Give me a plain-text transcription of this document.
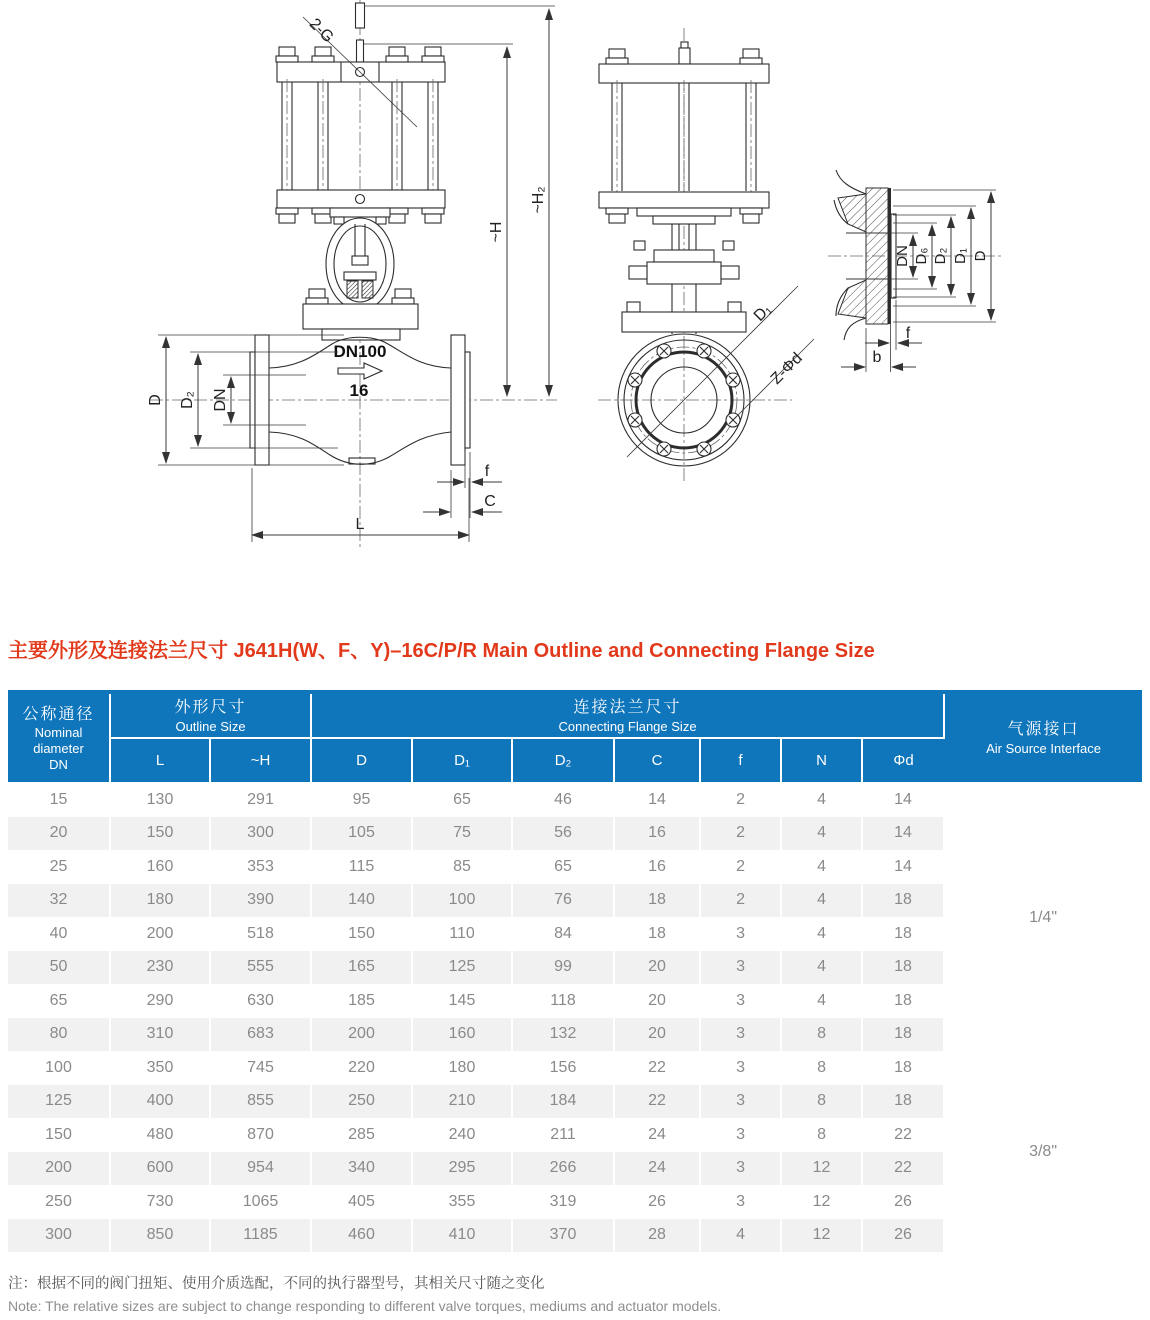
2-G
DN100
16
D D₂ DN
L
f
C
~H
~H₂
D₁
Z-Φd
DN D₆ D₂ D₁ D
f
b
主要外形及连接法兰尺寸 J641H(W、F、Y)–16C/P/R Main Outline and Connecting Flange Size
公称通径
Nominal
diameter
DN

外形尺寸
Outline Size

连接法兰尺寸
Connecting Flange Size	气源接口
Air Source Interface

	L	~H	D	D₁	D₂	C	f	N	Φd	
15	130	291	95	65	46	14	2	4	14	1/4"
20	150	300	105	75	56	16	2	4	14	
25	160	353	115	85	65	16	2	4	14	
32	180	390	140	100	76	18	2	4	18	
40	200	518	150	110	84	18	3	4	18	
50	230	555	165	125	99	20	3	4	18	
65	290	630	185	145	118	20	3	4	18	
80	310	683	200	160	132	20	3	8	18	
100	350	745	220	180	156	22	3	8	18	3/8"
125	400	855	250	210	184	22	3	8	18	
150	480	870	285	240	211	24	3	8	22	
200	600	954	340	295	266	24	3	12	22	
250	730	1065	405	355	319	26	3	12	26	
300	850	1185	460	410	370	28	4	12	26	
注：根据不同的阀门扭矩、使用介质选配，不同的执行器型号，其相关尺寸随之变化
Note: The relative sizes are subject to change responding to different valve torques, mediums and actuator models.
